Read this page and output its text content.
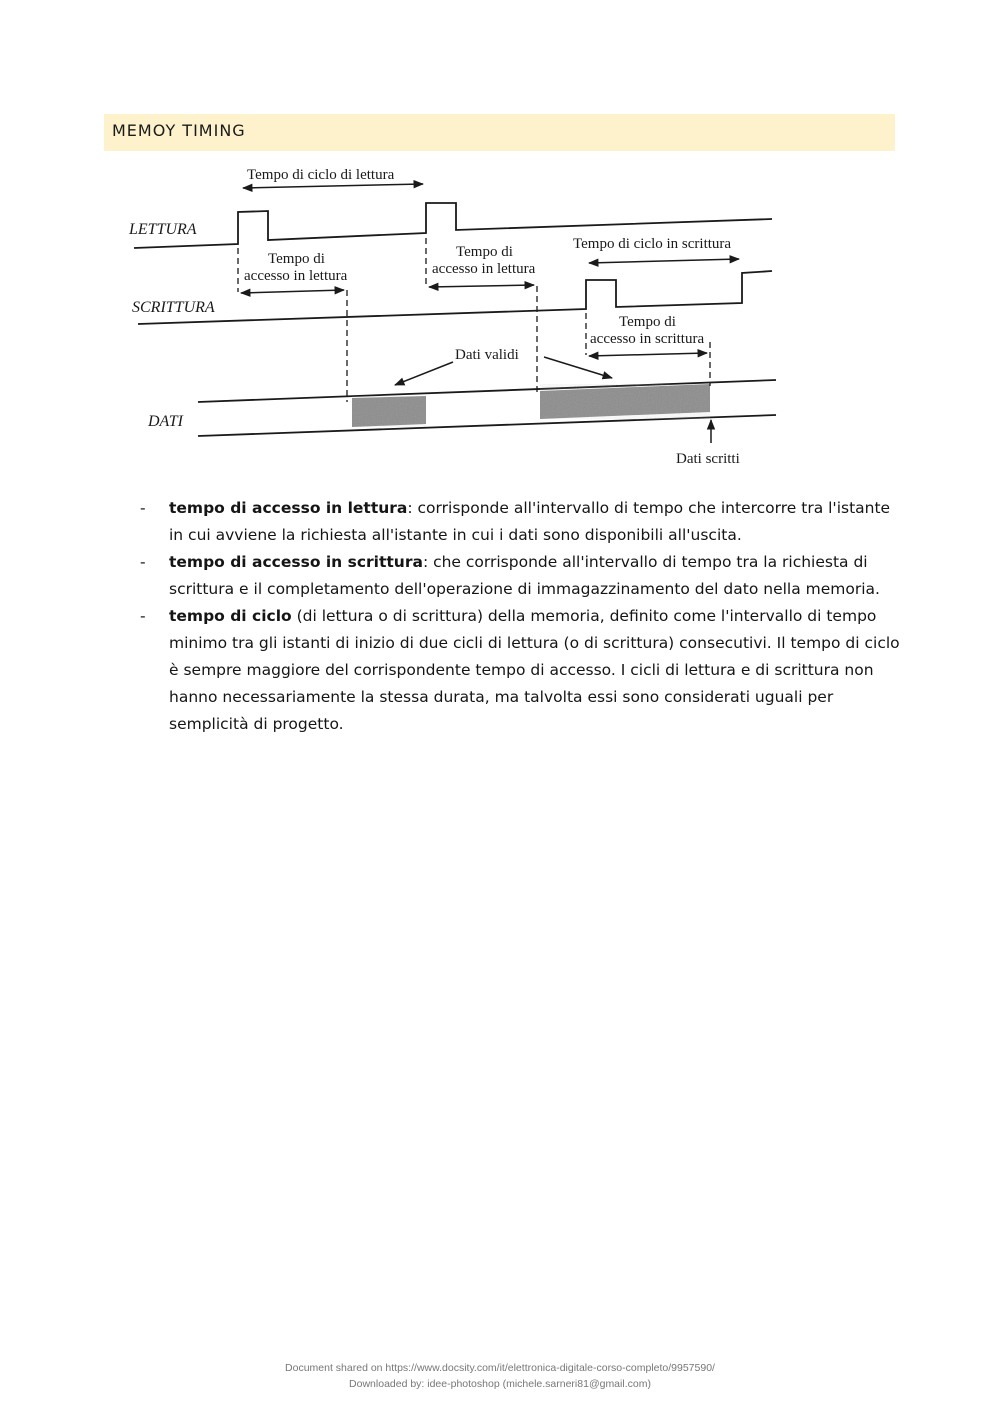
MEMOY TIMING
LETTURA
SCRITTURA
DATI
Tempo di ciclo di lettura
Tempo di
accesso in lettura
Tempo di
accesso in lettura
Tempo di ciclo in scrittura
Tempo di
accesso in scrittura
Dati validi
Dati scritti
- tempo di accesso in lettura: corrisponde all'intervallo di tempo che intercorre tra l'istante in cui avviene la richiesta all'istante in cui i dati sono disponibili all'uscita.
- tempo di accesso in scrittura: che corrisponde all'intervallo di tempo tra la richiesta di scrittura e il completamento dell'operazione di immagazzinamento del dato nella memoria.
- tempo di ciclo (di lettura o di scrittura) della memoria, definito come l'intervallo di tempo minimo tra gli istanti di inizio di due cicli di lettura (o di scrittura) consecutivi. Il tempo di ciclo è sempre maggiore del corrispondente tempo di accesso. I cicli di lettura e di scrittura non hanno necessariamente la stessa durata, ma talvolta essi sono considerati uguali per semplicità di progetto.
Document shared on https://www.docsity.com/it/elettronica-digitale-corso-completo/9957590/
Downloaded by: idee-photoshop (michele.sarneri81@gmail.com)
